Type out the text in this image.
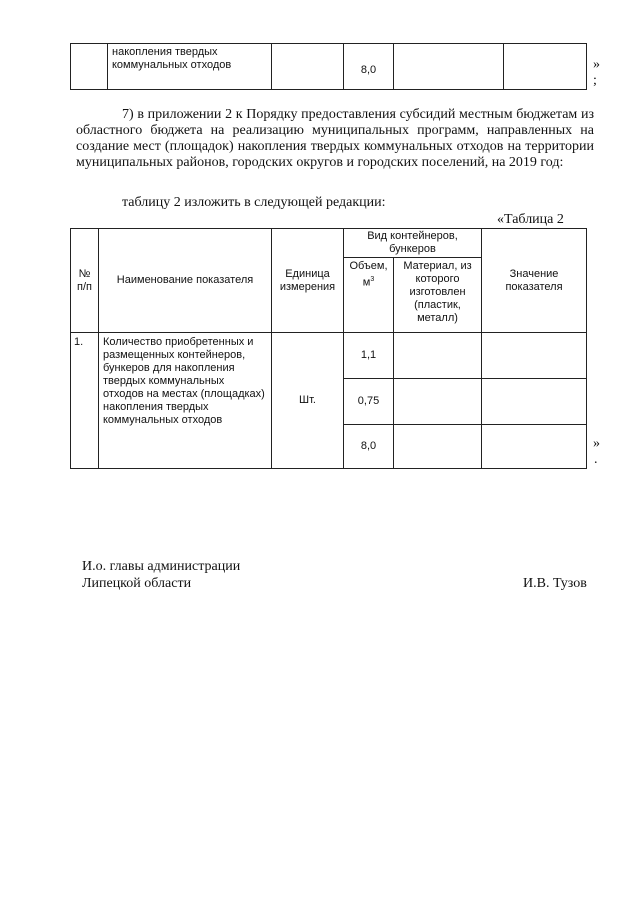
накопления твердых
коммунальных отходов		8,0			»
;
7) в приложении 2 к Порядку предоставления субсидий местным бюджетам из областного бюджета на реализацию муниципальных программ, направленных на создание мест (площадок) накопления твердых коммунальных отходов на территории муниципальных районов, городских округов и городских поселений, на 2019 год:
таблицу 2 изложить в следующей редакции:
«Таблица 2
№ п/п	Наименование показателя	Единица измерения	Вид контейнеров, бункеров		Значение показателя
			Объем, $м^3$	Материал, из которого изготовлен (пластик, металл)	
1.	Количество приобретенных и размещенных контейнеров, бункеров для накопления твердых коммунальных отходов на местах (площадках) накопления твердых коммунальных отходов	Шт.	1,1		
			0,75		
			8,0			»
.
И.о. главы администрации
Липецкой области	И.В. Тузов
